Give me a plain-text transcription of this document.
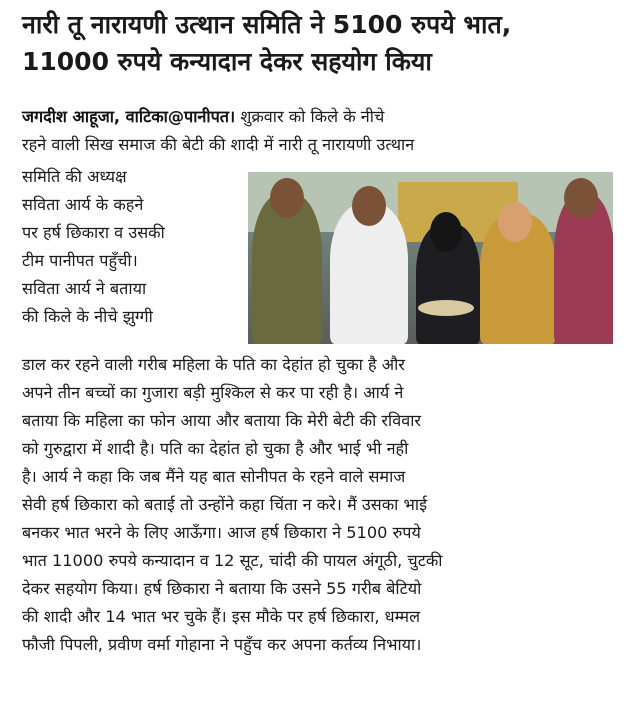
नारी तू नारायणी उत्थान समिति ने 5100 रुपये भात,
11000 रुपये कन्यादान देकर सहयोग किया
जगदीश आहूजा, वाटिका@पानीपत। शुक्रवार को किले के नीचे
रहने वाली सिख समाज की बेटी की शादी में नारी तू नारायणी उत्थान
समिति की अध्यक्ष
सविता आर्य के कहने
पर हर्ष छिकारा व उसकी
टीम पानीपत पहुँची।
सविता आर्य ने बताया
की किले के नीचे झुग्गी
डाल कर रहने वाली गरीब महिला के पति का देहांत हो चुका है और
अपने तीन बच्चों का गुजारा बड़ी मुश्किल से कर पा रही है। आर्य ने
बताया कि महिला का फोन आया और बताया कि मेरी बेटी की रविवार
को गुरुद्वारा में शादी है। पति का देहांत हो चुका है और भाई भी नही
है। आर्य ने कहा कि जब मैंने यह बात सोनीपत के रहने वाले समाज
सेवी हर्ष छिकारा को बताई तो उन्होंने कहा चिंता न करे। मैं उसका भाई
बनकर भात भरने के लिए आऊँगा। आज हर्ष छिकारा ने 5100 रुपये
भात 11000 रुपये कन्यादान व 12 सूट, चांदी की पायल अंगूठी, चुटकी
देकर सहयोग किया। हर्ष छिकारा ने बताया कि उसने 55 गरीब बेटियो
की शादी और 14 भात भर चुके हैं। इस मौके पर हर्ष छिकारा, धम्मल
फौजी पिपली, प्रवीण वर्मा गोहाना ने पहुँच कर अपना कर्तव्य निभाया।
